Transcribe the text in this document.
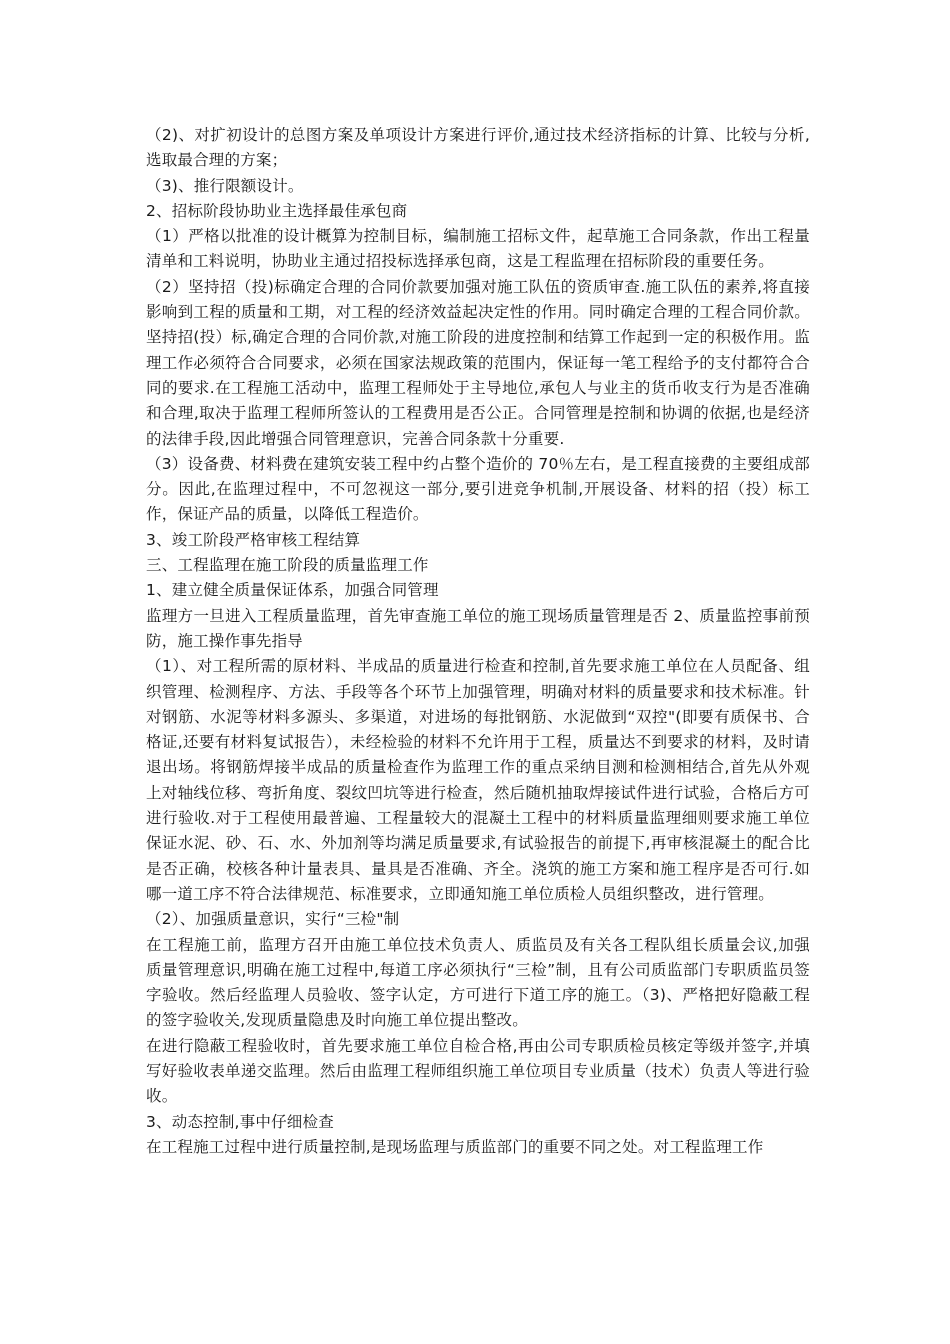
（2)、对扩初设计的总图方案及单项设计方案进行评价,通过技术经济指标的计算、比较与分析,选取最合理的方案；

（3)、推行限额设计。

2、招标阶段协助业主选择最佳承包商

（1）严格以批准的设计概算为控制目标，编制施工招标文件，起草施工合同条款，作出工程量清单和工料说明，协助业主通过招投标选择承包商，这是工程监理在招标阶段的重要任务。

（2）坚持招（投)标确定合理的合同价款要加强对施工队伍的资质审查.施工队伍的素养,将直接影响到工程的质量和工期，对工程的经济效益起决定性的作用。同时确定合理的工程合同价款。坚持招(投）标,确定合理的合同价款,对施工阶段的进度控制和结算工作起到一定的积极作用。监理工作必须符合合同要求，必须在国家法规政策的范围内，保证每一笔工程给予的支付都符合合同的要求.在工程施工活动中，监理工程师处于主导地位,承包人与业主的货币收支行为是否准确和合理,取决于监理工程师所签认的工程费用是否公正。合同管理是控制和协调的依据,也是经济的法律手段,因此增强合同管理意识，完善合同条款十分重要.

（3）设备费、材料费在建筑安装工程中约占整个造价的 70％左右，是工程直接费的主要组成部分。因此,在监理过程中，不可忽视这一部分,要引进竞争机制,开展设备、材料的招（投）标工作，保证产品的质量，以降低工程造价。

3、竣工阶段严格审核工程结算

三、工程监理在施工阶段的质量监理工作

1、建立健全质量保证体系，加强合同管理

监理方一旦进入工程质量监理，首先审查施工单位的施工现场质量管理是否 2、质量监控事前预防，施工操作事先指导

（1）、对工程所需的原材料、半成品的质量进行检查和控制,首先要求施工单位在人员配备、组织管理、检测程序、方法、手段等各个环节上加强管理，明确对材料的质量要求和技术标准。针对钢筋、水泥等材料多源头、多渠道，对进场的每批钢筋、水泥做到“双控"(即要有质保书、合格证,还要有材料复试报告），未经检验的材料不允许用于工程，质量达不到要求的材料，及时请退出场。将钢筋焊接半成品的质量检查作为监理工作的重点采纳目测和检测相结合,首先从外观上对轴线位移、弯折角度、裂纹凹坑等进行检查，然后随机抽取焊接试件进行试验，合格后方可进行验收.对于工程使用最普遍、工程量较大的混凝土工程中的材料质量监理细则要求施工单位保证水泥、砂、石、水、外加剂等均满足质量要求,有试验报告的前提下,再审核混凝土的配合比是否正确，校核各种计量表具、量具是否准确、齐全。浇筑的施工方案和施工程序是否可行.如哪一道工序不符合法律规范、标准要求，立即通知施工单位质检人员组织整改，进行管理。

（2）、加强质量意识，实行“三检"制

在工程施工前，监理方召开由施工单位技术负责人、质监员及有关各工程队组长质量会议,加强质量管理意识,明确在施工过程中,每道工序必须执行“三检”制，且有公司质监部门专职质监员签字验收。然后经监理人员验收、签字认定，方可进行下道工序的施工。（3)、严格把好隐蔽工程的签字验收关,发现质量隐患及时向施工单位提出整改。

在进行隐蔽工程验收时，首先要求施工单位自检合格,再由公司专职质检员核定等级并签字,并填写好验收表单递交监理。然后由监理工程师组织施工单位项目专业质量（技术）负责人等进行验收。

3、动态控制,事中仔细检查

在工程施工过程中进行质量控制,是现场监理与质监部门的重要不同之处。对工程监理工作
